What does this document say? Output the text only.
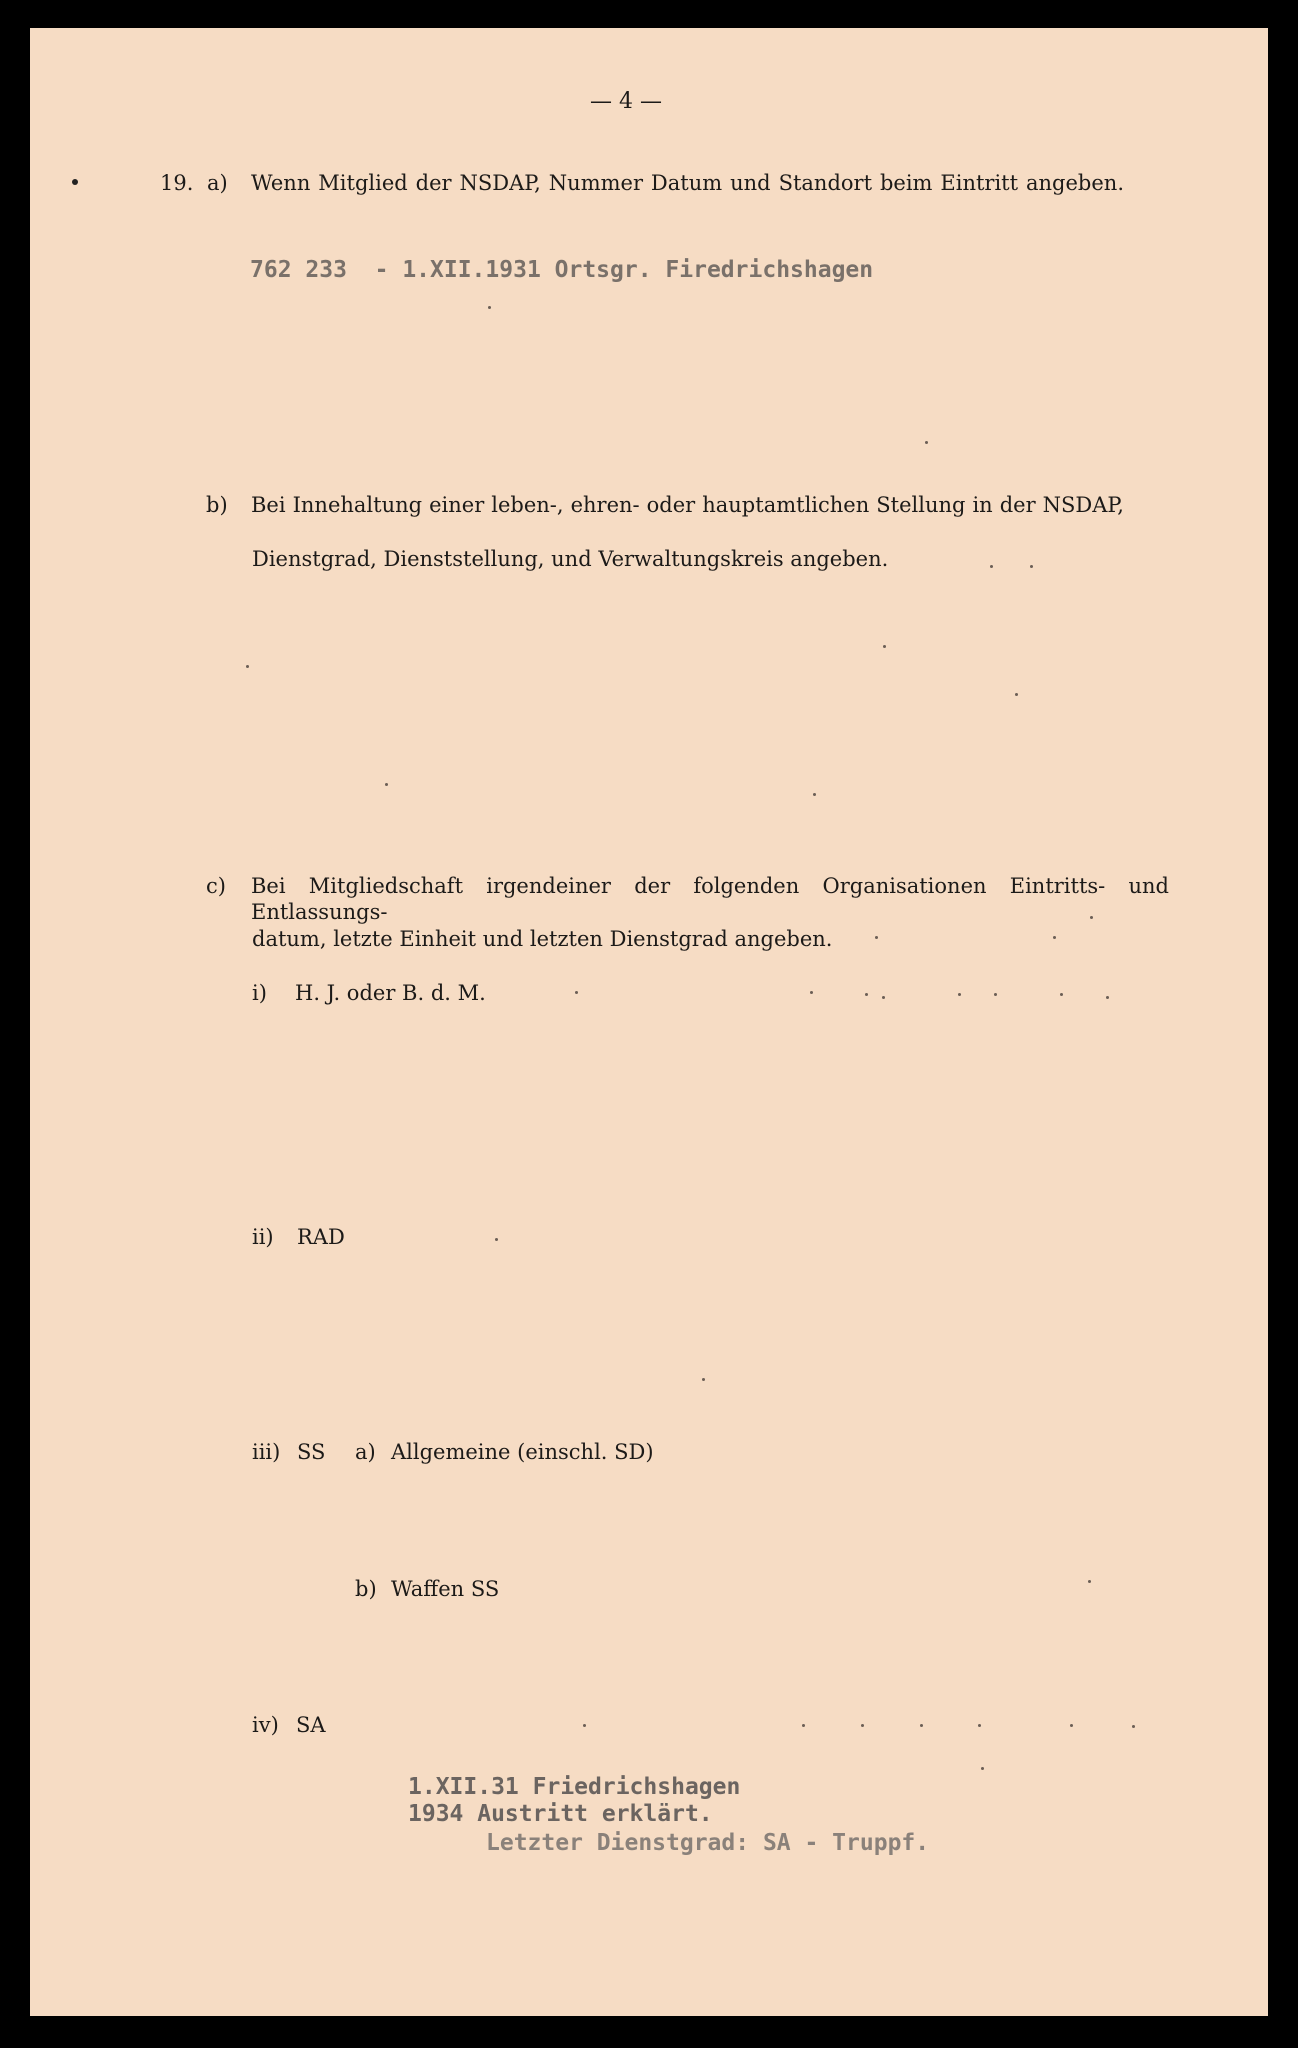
— 4 —
19. a) Wenn Mitglied der NSDAP, Nummer Datum und Standort beim Eintritt angeben.
762 233  - 1.XII.1931 Ortsgr. Firedrichshagen
b) Bei Innehaltung einer leben-, ehren- oder hauptamtlichen Stellung in der NSDAP,
Dienstgrad, Dienststellung, und Verwaltungskreis angeben.
c) Bei Mitgliedschaft irgendeiner der folgenden Organisationen Eintritts- und Entlassungs-
datum, letzte Einheit und letzten Dienstgrad angeben.
i) H. J. oder B. d. M.
ii) RAD
iii) SS a) Allgemeine (einschl. SD)
b) Waffen SS
iv) SA
1.XII.31 Friedrichshagen
1934 Austritt erklärt.
Letzter Dienstgrad: SA - Truppf.
